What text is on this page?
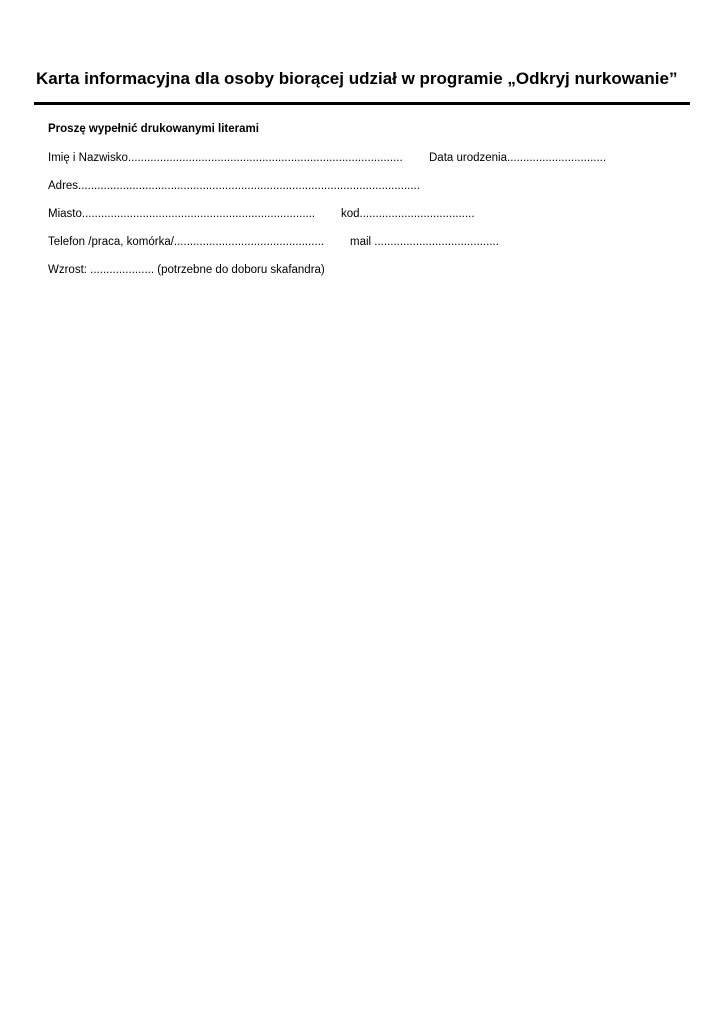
Karta informacyjna dla osoby biorącej udział w programie „Odkryj nurkowanie”
Proszę wypełnić drukowanymi literami
Imię i Nazwisko...................................................................................... Data urodzenia...............................
Adres...........................................................................................................
Miasto......................................................................... kod....................................
Telefon /praca, komórka/............................................... mail .......................................
Wzrost: .................... (potrzebne do doboru skafandra)
